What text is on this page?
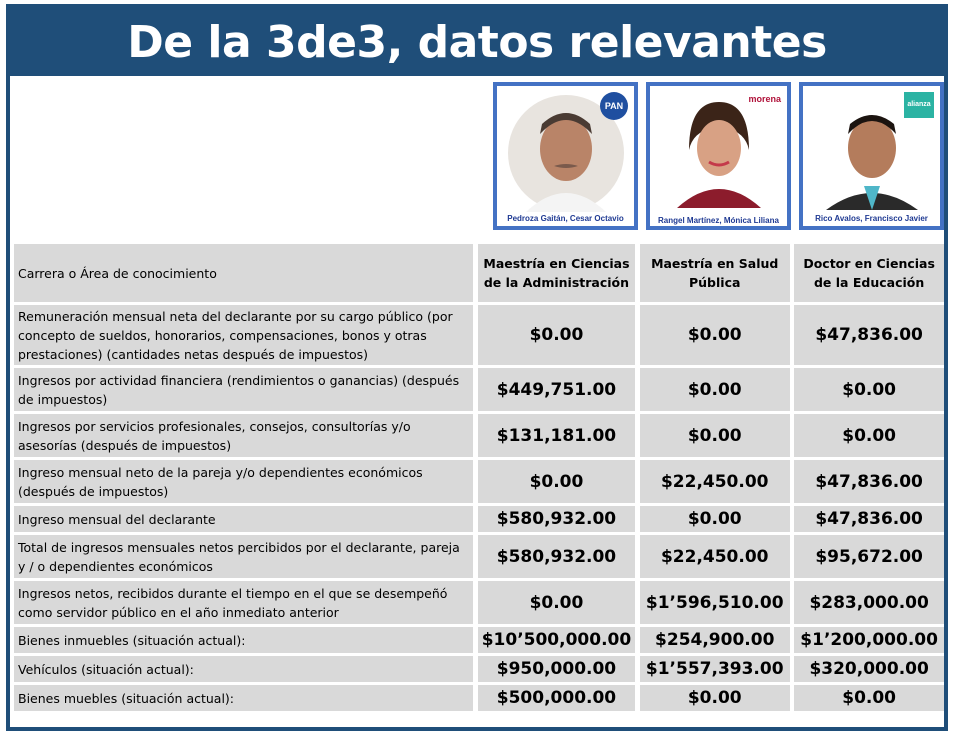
De la 3de3, datos relevantes
PAN
Pedroza Gaitán, Cesar Octavio
morena
Rangel Martínez, Mónica Liliana
alianza
Rico Avalos, Francisco Javier
Carrera o Área de conocimiento		Maestría en Ciencias de la Administración		Maestría en Salud Pública		Doctor en Ciencias de la Educación
Remuneración mensual neta del declarante por su cargo público (por concepto de sueldos, honorarios, compensaciones, bonos y otras prestaciones) (cantidades netas después de impuestos)		$0.00		$0.00		$47,836.00
Ingresos por actividad financiera (rendimientos o ganancias) (después de impuestos)		$449,751.00		$0.00		$0.00
Ingresos por servicios profesionales, consejos, consultorías y/o asesorías (después de impuestos)		$131,181.00		$0.00		$0.00
Ingreso mensual neto de la pareja y/o dependientes económicos (después de impuestos)		$0.00		$22,450.00		$47,836.00
Ingreso mensual del declarante		$580,932.00		$0.00		$47,836.00
Total de ingresos mensuales netos percibidos por el declarante, pareja y / o dependientes económicos		$580,932.00		$22,450.00		$95,672.00
Ingresos netos, recibidos durante el tiempo en el que se desempeñó como servidor público en el año inmediato anterior		$0.00		$1’596,510.00		$283,000.00
Bienes inmuebles (situación actual):		$10’500,000.00		$254,900.00		$1’200,000.00
Vehículos (situación actual):		$950,000.00		$1’557,393.00		$320,000.00
Bienes muebles (situación actual):		$500,000.00		$0.00		$0.00
